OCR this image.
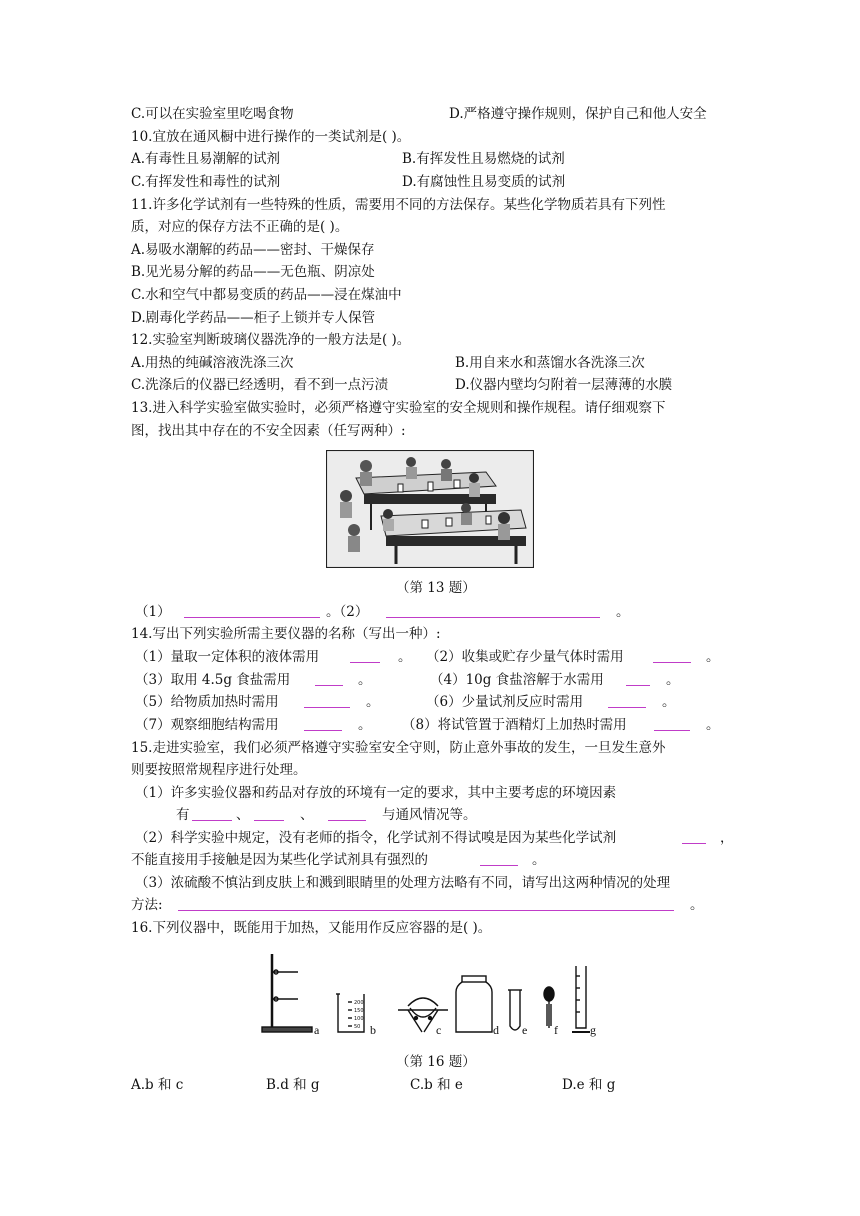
C.可以在实验室里吃喝食物	D.严格遵守操作规则，保护自己和他人安全
10.宜放在通风橱中进行操作的一类试剂是( )。
A.有毒性且易潮解的试剂	B.有挥发性且易燃烧的试剂
C.有挥发性和毒性的试剂	D.有腐蚀性且易变质的试剂
11.许多化学试剂有一些特殊的性质，需要用不同的方法保存。某些化学物质若具有下列性
质，对应的保存方法不正确的是( )。
A.易吸水潮解的药品——密封、干燥保存
B.见光易分解的药品——无色瓶、阴凉处
C.水和空气中都易变质的药品——浸在煤油中
D.剧毒化学药品——柜子上锁并专人保管
12.实验室判断玻璃仪器洗净的一般方法是( )。
A.用热的纯碱溶液洗涤三次	B.用自来水和蒸馏水各洗涤三次
C.洗涤后的仪器已经透明，看不到一点污渍	D.仪器内壁均匀附着一层薄薄的水膜
13.进入科学实验室做实验时，必须严格遵守实验室的安全规则和操作规程。请仔细观察下
图，找出其中存在的不安全因素（任写两种）:
（第 13 题）
（1）	。（2）	。
14.写出下列实验所需主要仪器的名称（写出一种）:
（1）量取一定体积的液体需用	。 （2）收集或贮存少量气体时需用	。
（3）取用 4.5g 食盐需用	。	（4）10g 食盐溶解于水需用	。
（5）给物质加热时需用	。	（6）少量试剂反应时需用	。
（7）观察细胞结构需用	。 （8）将试管置于酒精灯上加热时需用	。
15.走进实验室，我们必须严格遵守实验室安全守则，防止意外事故的发生，一旦发生意外
则要按照常规程序进行处理。
（1）许多实验仪器和药品对存放的环境有一定的要求，其中主要考虑的环境因素
有	、	、	与通风情况等。
（2）科学实验中规定，没有老师的指令，化学试剂不得试嗅是因为某些化学试剂	，
不能直接用手接触是因为某些化学试剂具有强烈的	。
（3）浓硫酸不慎沾到皮肤上和溅到眼睛里的处理方法略有不同，请写出这两种情况的处理
方法:	。
16.下列仪器中，既能用于加热，又能用作反应容器的是( )。
200
150
100
50
a	b	c	d e f	g
（第 16 题）
A.b 和 c	B.d 和 g	C.b 和 e	D.e 和 g
